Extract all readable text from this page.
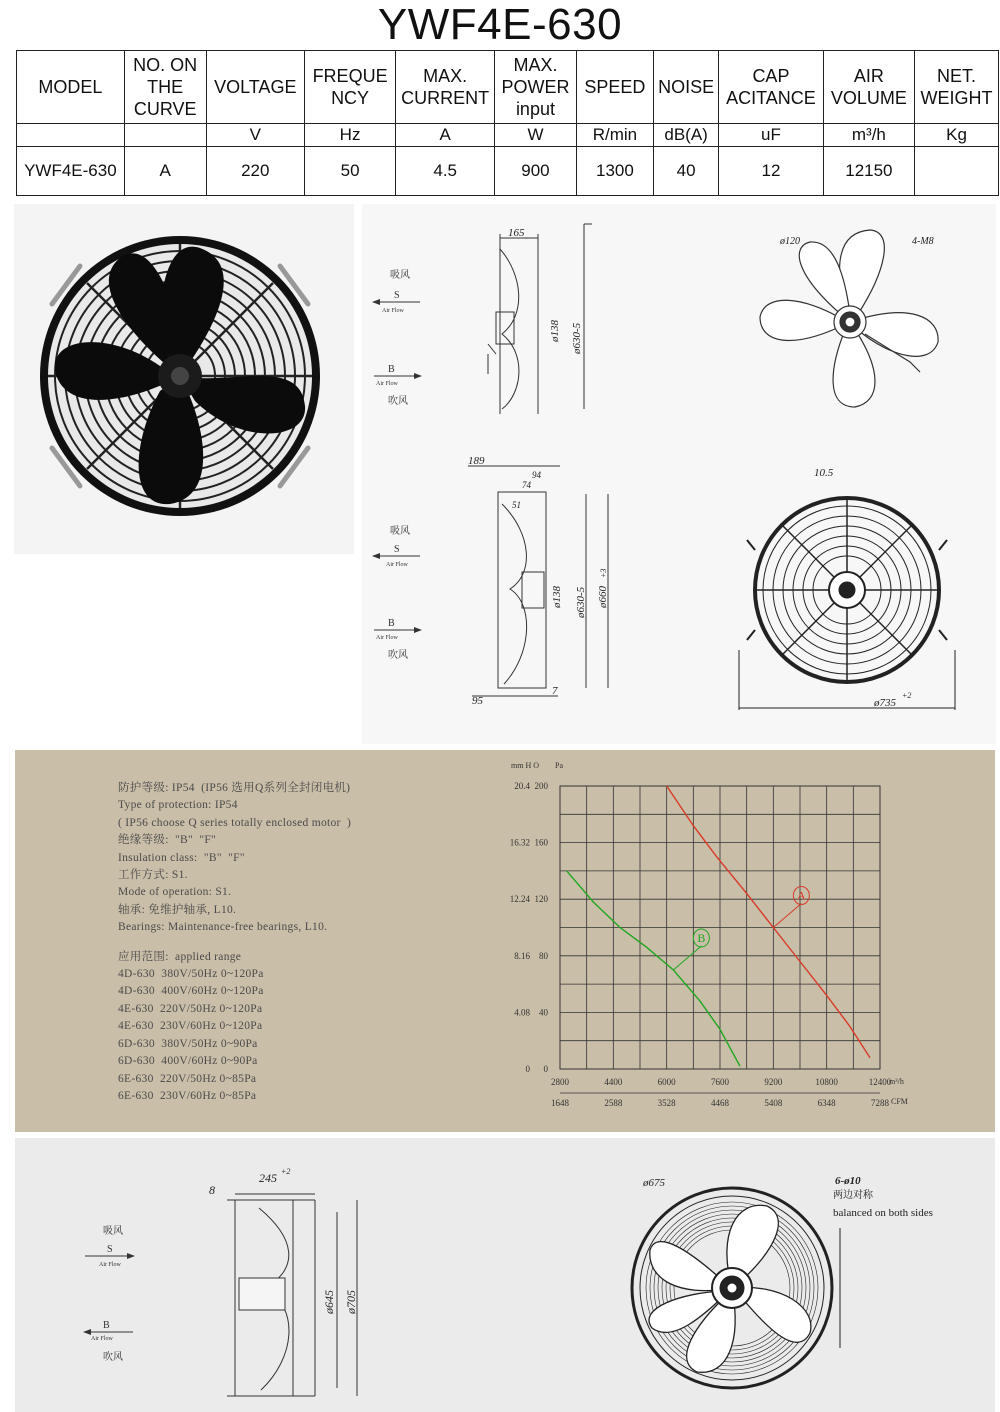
YWF4E-630
MODEL	NO. ON
THE
CURVE	VOLTAGE	FREQUE
NCY	MAX.
CURRENT	MAX.
POWER
input	SPEED	NOISE	CAP
ACITANCE	AIR
VOLUME	NET.
WEIGHT
		V	Hz	A	W	R/min	dB(A)	uF	m³/h	Kg
YWF4E-630	A	220	50	4.5	900	1300	40	12	12150	
吸风
S
Air Flow
B
Air Flow
吹风
165
ø138 ø630-5
ø120	4-M8
吸风
S
Air Flow
B
Air Flow
吹风
189
94
74
51
ø138 ø630-5 ø660
+3
95
7
10.5
ø735
+2
防护等级: IP54  (IP56 选用Q系列全封闭电机)
Type of protection: IP54
( IP56 choose Q series totally enclosed motor  )
绝缘等级:  "B"  "F"
Insulation class:  "B"  "F"
工作方式: S1.
Mode of operation: S1.
轴承: 免维护轴承, L10.
Bearings: Maintenance-free bearings, L10.
应用范围:  applied range
4D-630  380V/50Hz 0~120Pa
4D-630  400V/60Hz 0~120Pa
4E-630  220V/50Hz 0~120Pa
4E-630  230V/60Hz 0~120Pa
6D-630  380V/50Hz 0~90Pa
6D-630  400V/60Hz 0~90Pa
6E-630  220V/50Hz 0~85Pa
6E-630  230V/60Hz 0~85Pa
200
20.4
160
16.32
120
12.24
80
8.16
40
4.08
0
0
2800
1648
4400
2588
6000
3528
7600
4468
9200
5408
10800
6348
12400
7288
A
B
mm H O Pa
m³/h
CFM
吸风
S
Air Flow
B
Air Flow
吹风
8
245 +2
ø645 ø705
ø675	6-ø10
两边对称
balanced on both sides
